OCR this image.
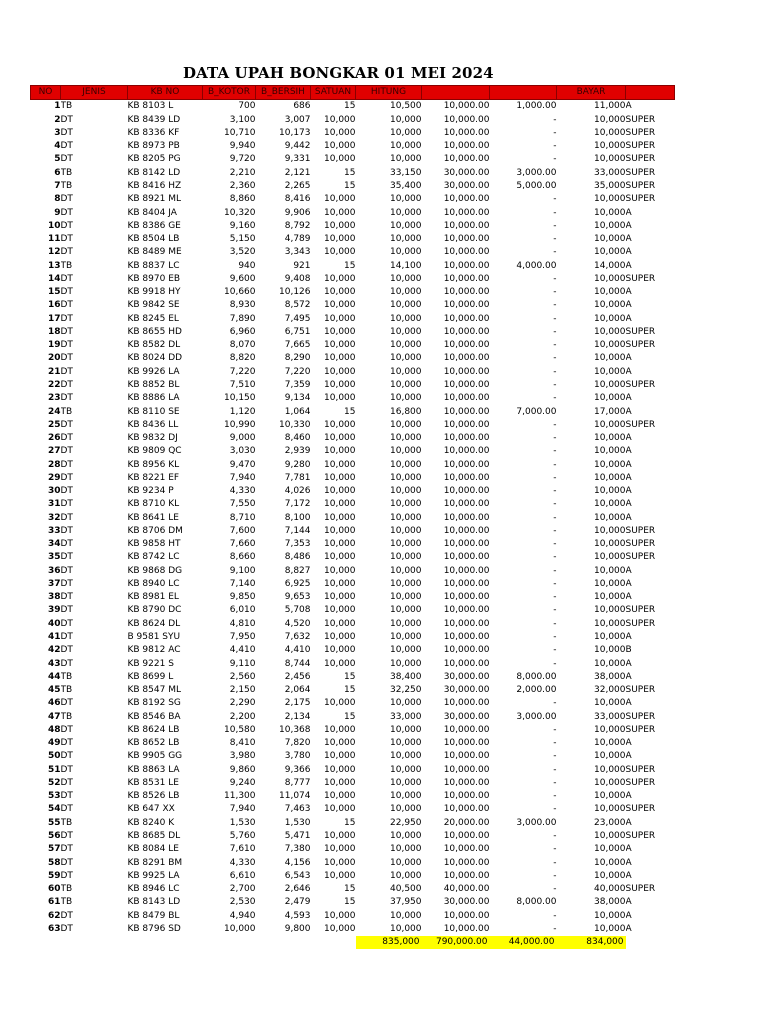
DATA UPAH BONGKAR 01 MEI 2024
NO	JENIS	KB NO	B_KOTOR	B_BERSIH	SATUAN	HITUNG			BAYAR	
1	TB	KB 8103 L	700	686	15	10,500	10,000.00	1,000.00	11,000	A
2	DT	KB 8439 LD	3,100	3,007	10,000	10,000	10,000.00	-	10,000	SUPER
3	DT	KB 8336 KF	10,710	10,173	10,000	10,000	10,000.00	-	10,000	SUPER
4	DT	KB 8973 PB	9,940	9,442	10,000	10,000	10,000.00	-	10,000	SUPER
5	DT	KB 8205 PG	9,720	9,331	10,000	10,000	10,000.00	-	10,000	SUPER
6	TB	KB 8142 LD	2,210	2,121	15	33,150	30,000.00	3,000.00	33,000	SUPER
7	TB	KB 8416 HZ	2,360	2,265	15	35,400	30,000.00	5,000.00	35,000	SUPER
8	DT	KB 8921 ML	8,860	8,416	10,000	10,000	10,000.00	-	10,000	SUPER
9	DT	KB 8404 JA	10,320	9,906	10,000	10,000	10,000.00	-	10,000	A
10	DT	KB 8386 GE	9,160	8,792	10,000	10,000	10,000.00	-	10,000	A
11	DT	KB 8504 LB	5,150	4,789	10,000	10,000	10,000.00	-	10,000	A
12	DT	KB 8489 ME	3,520	3,343	10,000	10,000	10,000.00	-	10,000	A
13	TB	KB 8837 LC	940	921	15	14,100	10,000.00	4,000.00	14,000	A
14	DT	KB 8970 EB	9,600	9,408	10,000	10,000	10,000.00	-	10,000	SUPER
15	DT	KB 9918 HY	10,660	10,126	10,000	10,000	10,000.00	-	10,000	A
16	DT	KB 9842 SE	8,930	8,572	10,000	10,000	10,000.00	-	10,000	A
17	DT	KB 8245 EL	7,890	7,495	10,000	10,000	10,000.00	-	10,000	A
18	DT	KB 8655 HD	6,960	6,751	10,000	10,000	10,000.00	-	10,000	SUPER
19	DT	KB 8582 DL	8,070	7,665	10,000	10,000	10,000.00	-	10,000	SUPER
20	DT	KB 8024 DD	8,820	8,290	10,000	10,000	10,000.00	-	10,000	A
21	DT	KB 9926 LA	7,220	7,220	10,000	10,000	10,000.00	-	10,000	A
22	DT	KB 8852 BL	7,510	7,359	10,000	10,000	10,000.00	-	10,000	SUPER
23	DT	KB 8886 LA	10,150	9,134	10,000	10,000	10,000.00	-	10,000	A
24	TB	KB 8110 SE	1,120	1,064	15	16,800	10,000.00	7,000.00	17,000	A
25	DT	KB 8436 LL	10,990	10,330	10,000	10,000	10,000.00	-	10,000	SUPER
26	DT	KB 9832 DJ	9,000	8,460	10,000	10,000	10,000.00	-	10,000	A
27	DT	KB 9809 QC	3,030	2,939	10,000	10,000	10,000.00	-	10,000	A
28	DT	KB 8956 KL	9,470	9,280	10,000	10,000	10,000.00	-	10,000	A
29	DT	KB 8221 EF	7,940	7,781	10,000	10,000	10,000.00	-	10,000	A
30	DT	KB 9234 P	4,330	4,026	10,000	10,000	10,000.00	-	10,000	A
31	DT	KB 8710 KL	7,550	7,172	10,000	10,000	10,000.00	-	10,000	A
32	DT	KB 8641 LE	8,710	8,100	10,000	10,000	10,000.00	-	10,000	A
33	DT	KB 8706 DM	7,600	7,144	10,000	10,000	10,000.00	-	10,000	SUPER
34	DT	KB 9858 HT	7,660	7,353	10,000	10,000	10,000.00	-	10,000	SUPER
35	DT	KB 8742 LC	8,660	8,486	10,000	10,000	10,000.00	-	10,000	SUPER
36	DT	KB 9868 DG	9,100	8,827	10,000	10,000	10,000.00	-	10,000	A
37	DT	KB 8940 LC	7,140	6,925	10,000	10,000	10,000.00	-	10,000	A
38	DT	KB 8981 EL	9,850	9,653	10,000	10,000	10,000.00	-	10,000	A
39	DT	KB 8790 DC	6,010	5,708	10,000	10,000	10,000.00	-	10,000	SUPER
40	DT	KB 8624 DL	4,810	4,520	10,000	10,000	10,000.00	-	10,000	SUPER
41	DT	B 9581 SYU	7,950	7,632	10,000	10,000	10,000.00	-	10,000	A
42	DT	KB 9812 AC	4,410	4,410	10,000	10,000	10,000.00	-	10,000	B
43	DT	KB 9221 S	9,110	8,744	10,000	10,000	10,000.00	-	10,000	A
44	TB	KB 8699 L	2,560	2,456	15	38,400	30,000.00	8,000.00	38,000	A
45	TB	KB 8547 ML	2,150	2,064	15	32,250	30,000.00	2,000.00	32,000	SUPER
46	DT	KB 8192 SG	2,290	2,175	10,000	10,000	10,000.00	-	10,000	A
47	TB	KB 8546 BA	2,200	2,134	15	33,000	30,000.00	3,000.00	33,000	SUPER
48	DT	KB 8624 LB	10,580	10,368	10,000	10,000	10,000.00	-	10,000	SUPER
49	DT	KB 8652 LB	8,410	7,820	10,000	10,000	10,000.00	-	10,000	A
50	DT	KB 9905 GG	3,980	3,780	10,000	10,000	10,000.00	-	10,000	A
51	DT	KB 8863 LA	9,860	9,366	10,000	10,000	10,000.00	-	10,000	SUPER
52	DT	KB 8531 LE	9,240	8,777	10,000	10,000	10,000.00	-	10,000	SUPER
53	DT	KB 8526 LB	11,300	11,074	10,000	10,000	10,000.00	-	10,000	A
54	DT	KB 647 XX	7,940	7,463	10,000	10,000	10,000.00	-	10,000	SUPER
55	TB	KB 8240 K	1,530	1,530	15	22,950	20,000.00	3,000.00	23,000	A
56	DT	KB 8685 DL	5,760	5,471	10,000	10,000	10,000.00	-	10,000	SUPER
57	DT	KB 8084 LE	7,610	7,380	10,000	10,000	10,000.00	-	10,000	A
58	DT	KB 8291 BM	4,330	4,156	10,000	10,000	10,000.00	-	10,000	A
59	DT	KB 9925 LA	6,610	6,543	10,000	10,000	10,000.00	-	10,000	A
60	TB	KB 8946 LC	2,700	2,646	15	40,500	40,000.00	-	40,000	SUPER
61	TB	KB 8143 LD	2,530	2,479	15	37,950	30,000.00	8,000.00	38,000	A
62	DT	KB 8479 BL	4,940	4,593	10,000	10,000	10,000.00	-	10,000	A
63	DT	KB 8796 SD	10,000	9,800	10,000	10,000	10,000.00	-	10,000	A
						835,000	790,000.00	44,000.00	834,000	
